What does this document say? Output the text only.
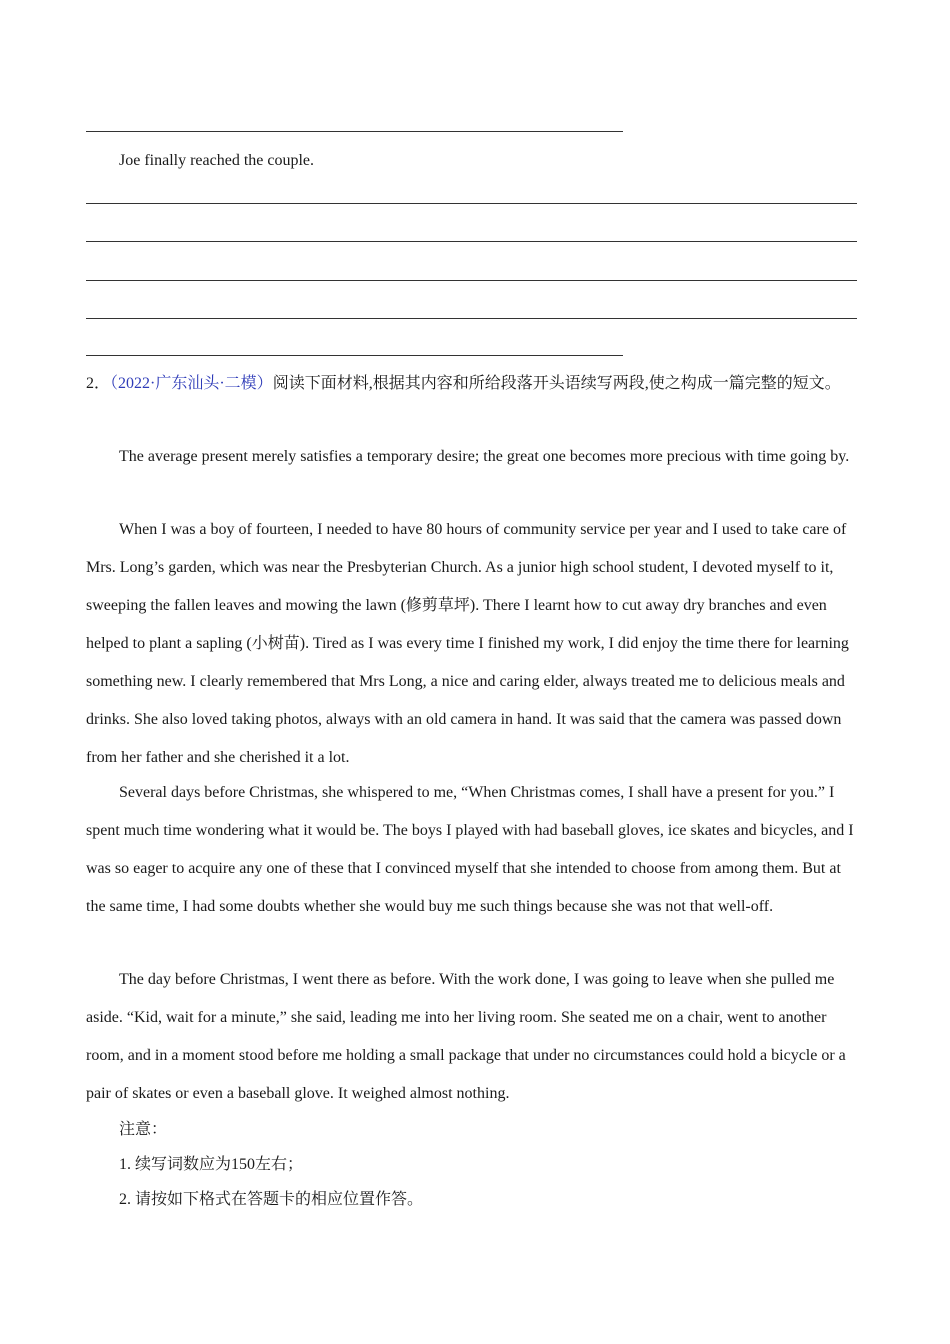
Joe finally reached the couple.

2．（2022·广东汕头·二模）阅读下面材料,根据其内容和所给段落开头语续写两段,使之构成一篇完整的短文。

The average present merely satisfies a temporary desire; the great one becomes more precious with time going by.

When I was a boy of fourteen, I needed to have 80 hours of community service per year and I used to take care of Mrs. Long’s garden, which was near the Presbyterian Church. As a junior high school student, I devoted myself to it, sweeping the fallen leaves and mowing the lawn (修剪草坪). There I learnt how to cut away dry branches and even helped to plant a sapling (小树苗). Tired as I was every time I finished my work, I did enjoy the time there for learning something new. I clearly remembered that Mrs Long, a nice and caring elder, always treated me to delicious meals and drinks. She also loved taking photos, always with an old camera in hand. It was said that the camera was passed down from her father and she cherished it a lot.

Several days before Christmas, she whispered to me, “When Christmas comes, I shall have a present for you.” I spent much time wondering what it would be. The boys I played with had baseball gloves, ice skates and bicycles, and I was so eager to acquire any one of these that I convinced myself that she intended to choose from among them. But at the same time, I had some doubts whether she would buy me such things because she was not that well-off.

The day before Christmas, I went there as before. With the work done, I was going to leave when she pulled me aside. “Kid, wait for a minute,” she said, leading me into her living room. She seated me on a chair, went to another room, and in a moment stood before me holding a small package that under no circumstances could hold a bicycle or a pair of skates or even a baseball glove. It weighed almost nothing.

注意：

1. 续写词数应为150左右；

2. 请按如下格式在答题卡的相应位置作答。
